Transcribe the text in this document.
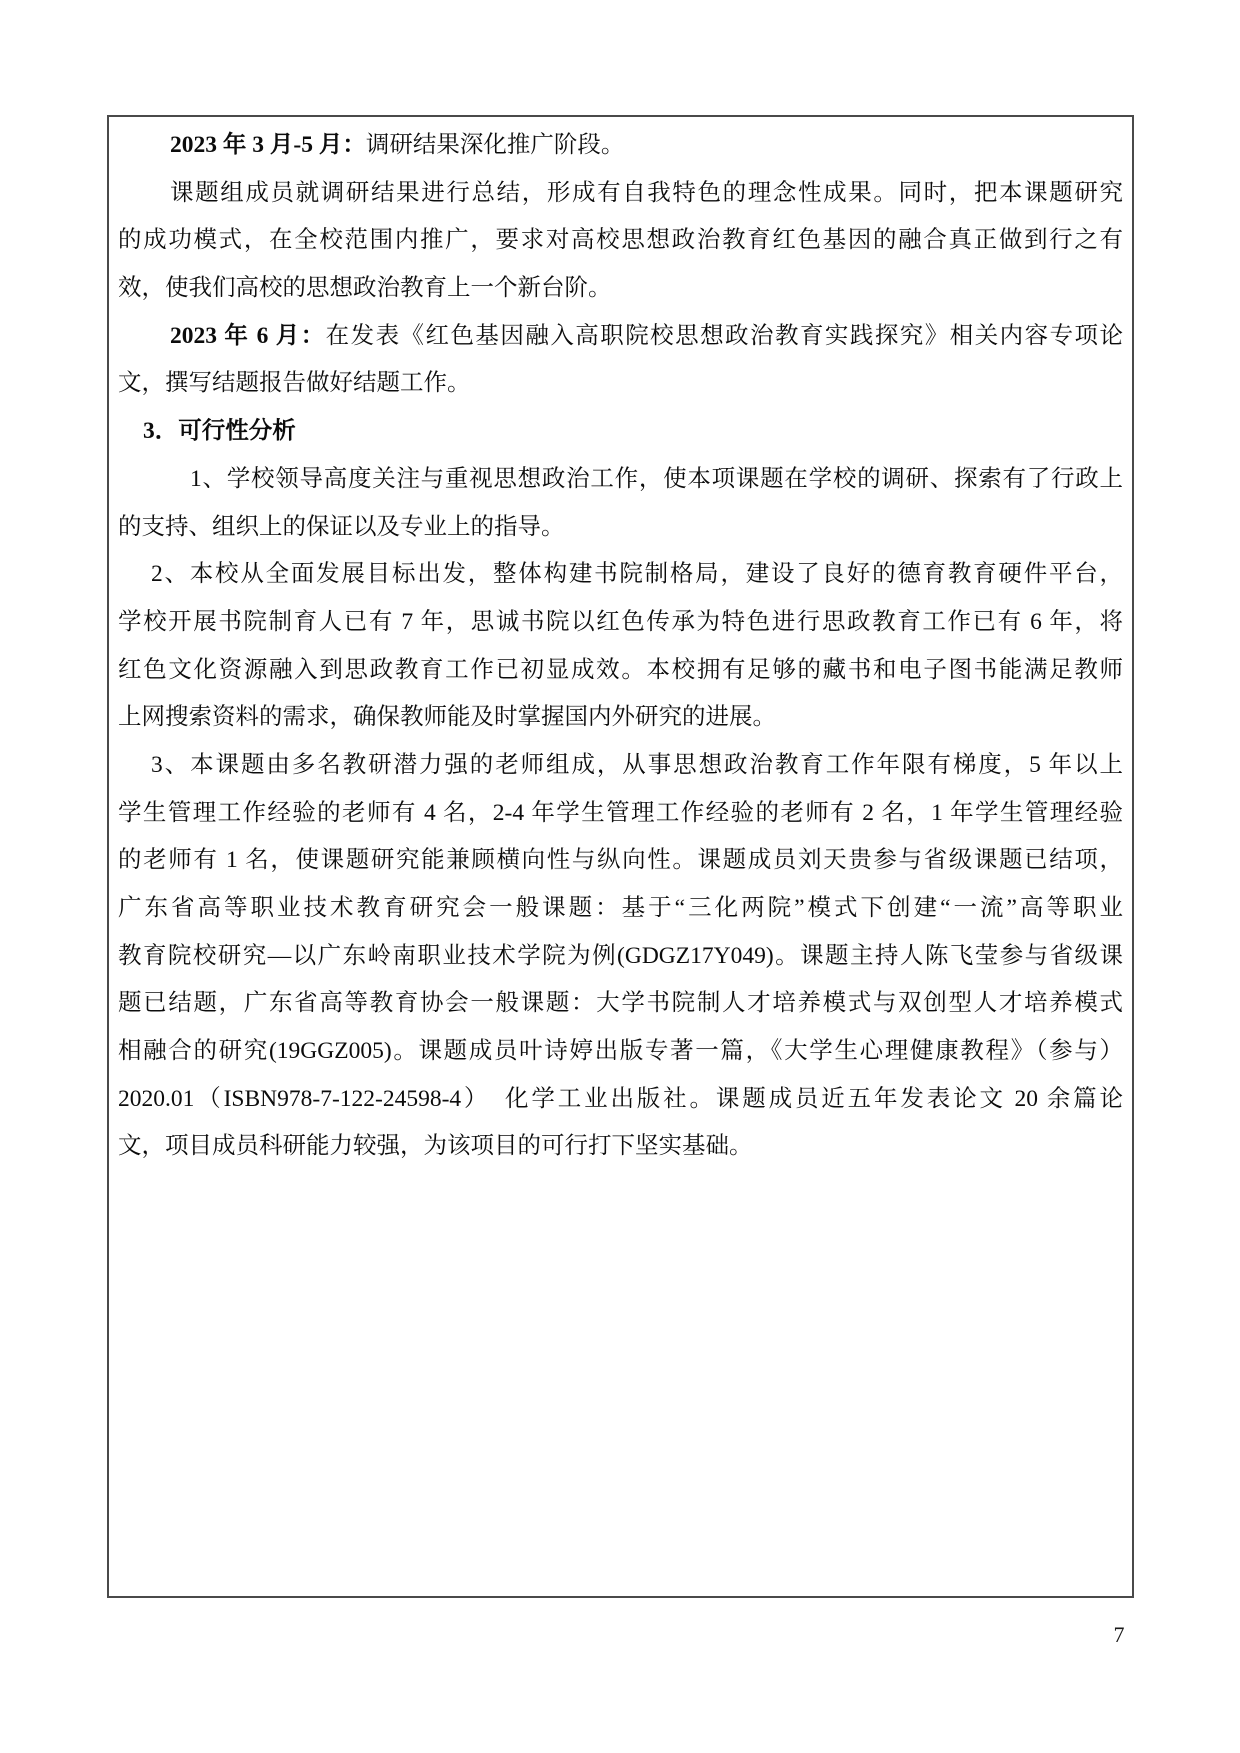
2023 年 3 月-5 月：调研结果深化推广阶段。
课题组成员就调研结果进行总结，形成有自我特色的理念性成果。同时，把本课题研究
的成功模式，在全校范围内推广，要求对高校思想政治教育红色基因的融合真正做到行之有
效，使我们高校的思想政治教育上一个新台阶。
2023 年 6 月：在发表《红色基因融入高职院校思想政治教育实践探究》相关内容专项论
文，撰写结题报告做好结题工作。
3．可行性分析
1、学校领导高度关注与重视思想政治工作，使本项课题在学校的调研、探索有了行政上
的支持、组织上的保证以及专业上的指导。
2、本校从全面发展目标出发，整体构建书院制格局，建设了良好的德育教育硬件平台，
学校开展书院制育人已有 7 年，思诚书院以红色传承为特色进行思政教育工作已有 6 年，将
红色文化资源融入到思政教育工作已初显成效。本校拥有足够的藏书和电子图书能满足教师
上网搜索资料的需求，确保教师能及时掌握国内外研究的进展。
3、本课题由多名教研潜力强的老师组成，从事思想政治教育工作年限有梯度，5 年以上
学生管理工作经验的老师有 4 名，2-4 年学生管理工作经验的老师有 2 名，1 年学生管理经验
的老师有 1 名，使课题研究能兼顾横向性与纵向性。课题成员刘天贵参与省级课题已结项，
广东省高等职业技术教育研究会一般课题：基于“三化两院”模式下创建“一流”高等职业
教育院校研究—以广东岭南职业技术学院为例(GDGZ17Y049)。课题主持人陈飞莹参与省级课
题已结题，广东省高等教育协会一般课题：大学书院制人才培养模式与双创型人才培养模式
相融合的研究(19GGZ005)。课题成员叶诗婷出版专著一篇，《大学生心理健康教程》（参与）
2020.01（ISBN978-7-122-24598-4）　化学工业出版社。课题成员近五年发表论文 20 余篇论
文，项目成员科研能力较强，为该项目的可行打下坚实基础。
7
